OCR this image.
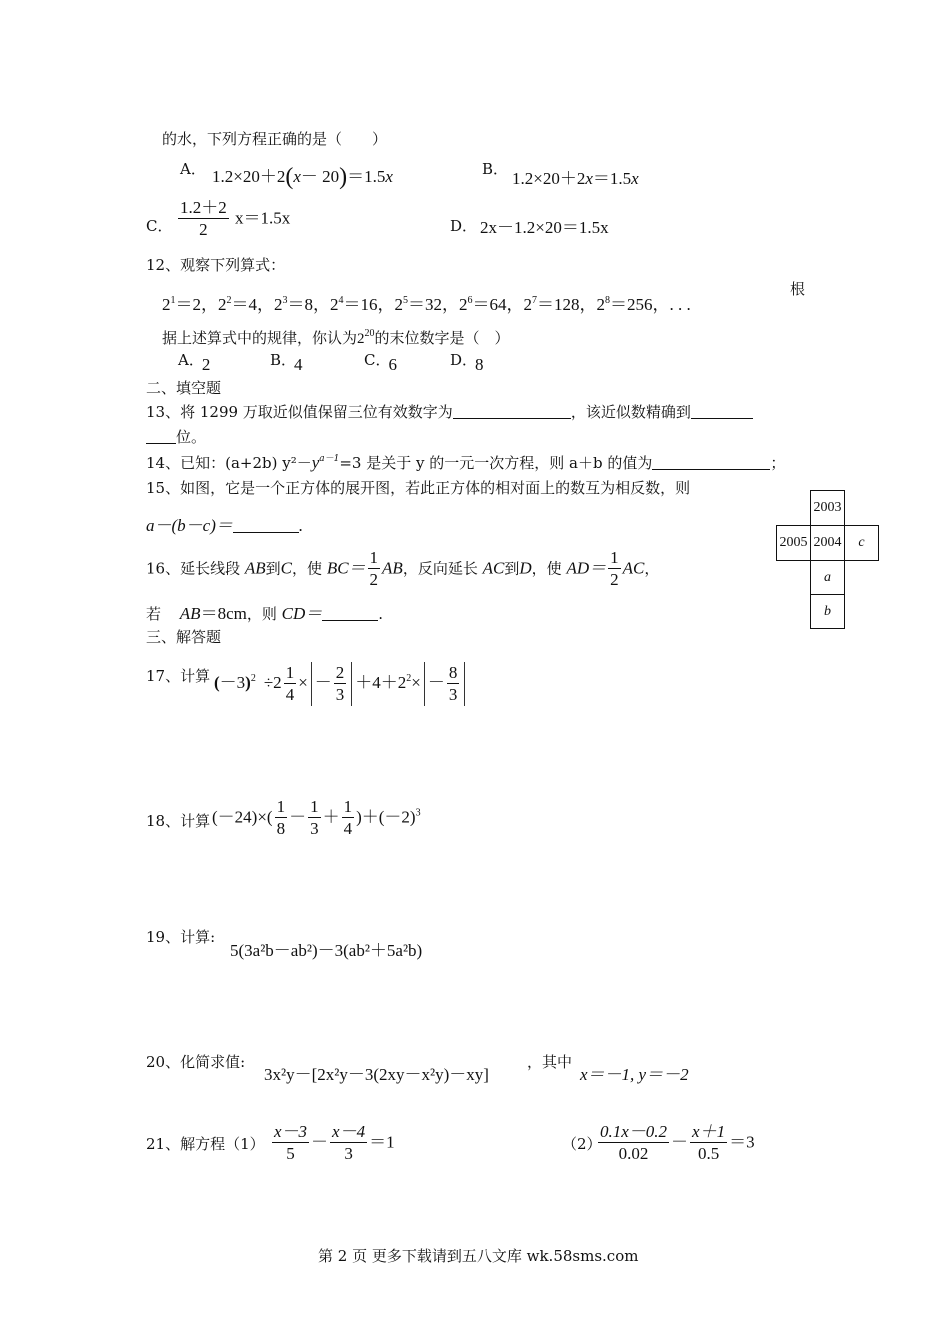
的水，下列方程正确的是（　　）
A． 1.2×20＋2(x－ 20)＝1.5x	B． 1.2×20＋2x＝1.5x
C． $\frac{1.2+2}{2} x=1.5x$	D． 2x－1.2×20＝1.5x
12、观察下列算式：
$2^1=2$，$2^2=4$，$2^3=8$，$2^4=16$，$2^5=32$，$2^6=64$，$2^7=128$，$2^8=256$，. . .
根
据上述算式中的规律，你认为$2^{20}$的末位数字是（　）
A．2	B．4	C．6	D．8
二、填空题
13、将 1299 万取近似值保留三位有效数字为	，该近似数精确到
位。
14、已知：(a+2b) $y^2-y^{a-1}=3$ 是关于 y 的一元一次方程，则 a＋b 的值为	；
15、如图，它是一个正方体的展开图，若此正方体的相对面上的数互为相反数，则
a－(b－c)＝	.
2003
2005 2004	c
a
b
16、延长线段 AB到C，使 $BC= \frac{1}{2}$ AB，反向延长 AC到D，使 $AD= \frac{1}{2}$ AC，
若 AB＝8cm，则 CD＝	.
三、解答题
17、计算 $(-3)^2 \div 2 \frac{1}{4}$ × － $\frac{2}{3} +4+2^2\times - \frac{8}{3}$
18、计算 $(-24)\times( \frac{1}{8} - \frac{1}{3} + \frac{1}{4} )+(-2)^3$
19、计算:
5(3a²b－ab²)－3(ab²＋5a²b)
20、化简求值:
3x²y－[2x²y－3(2xy－x²y)－xy]
，其中
x＝－1, y＝－2
21、解方程$(1) \frac{x-3}{5} - \frac{x-4}{3} =1$	（2）
$\frac{0.1x-0.2}{0.02} - \frac{x+1}{0.5} =3$
第 2 页 更多下载请到五八文库 wk.58sms.com
